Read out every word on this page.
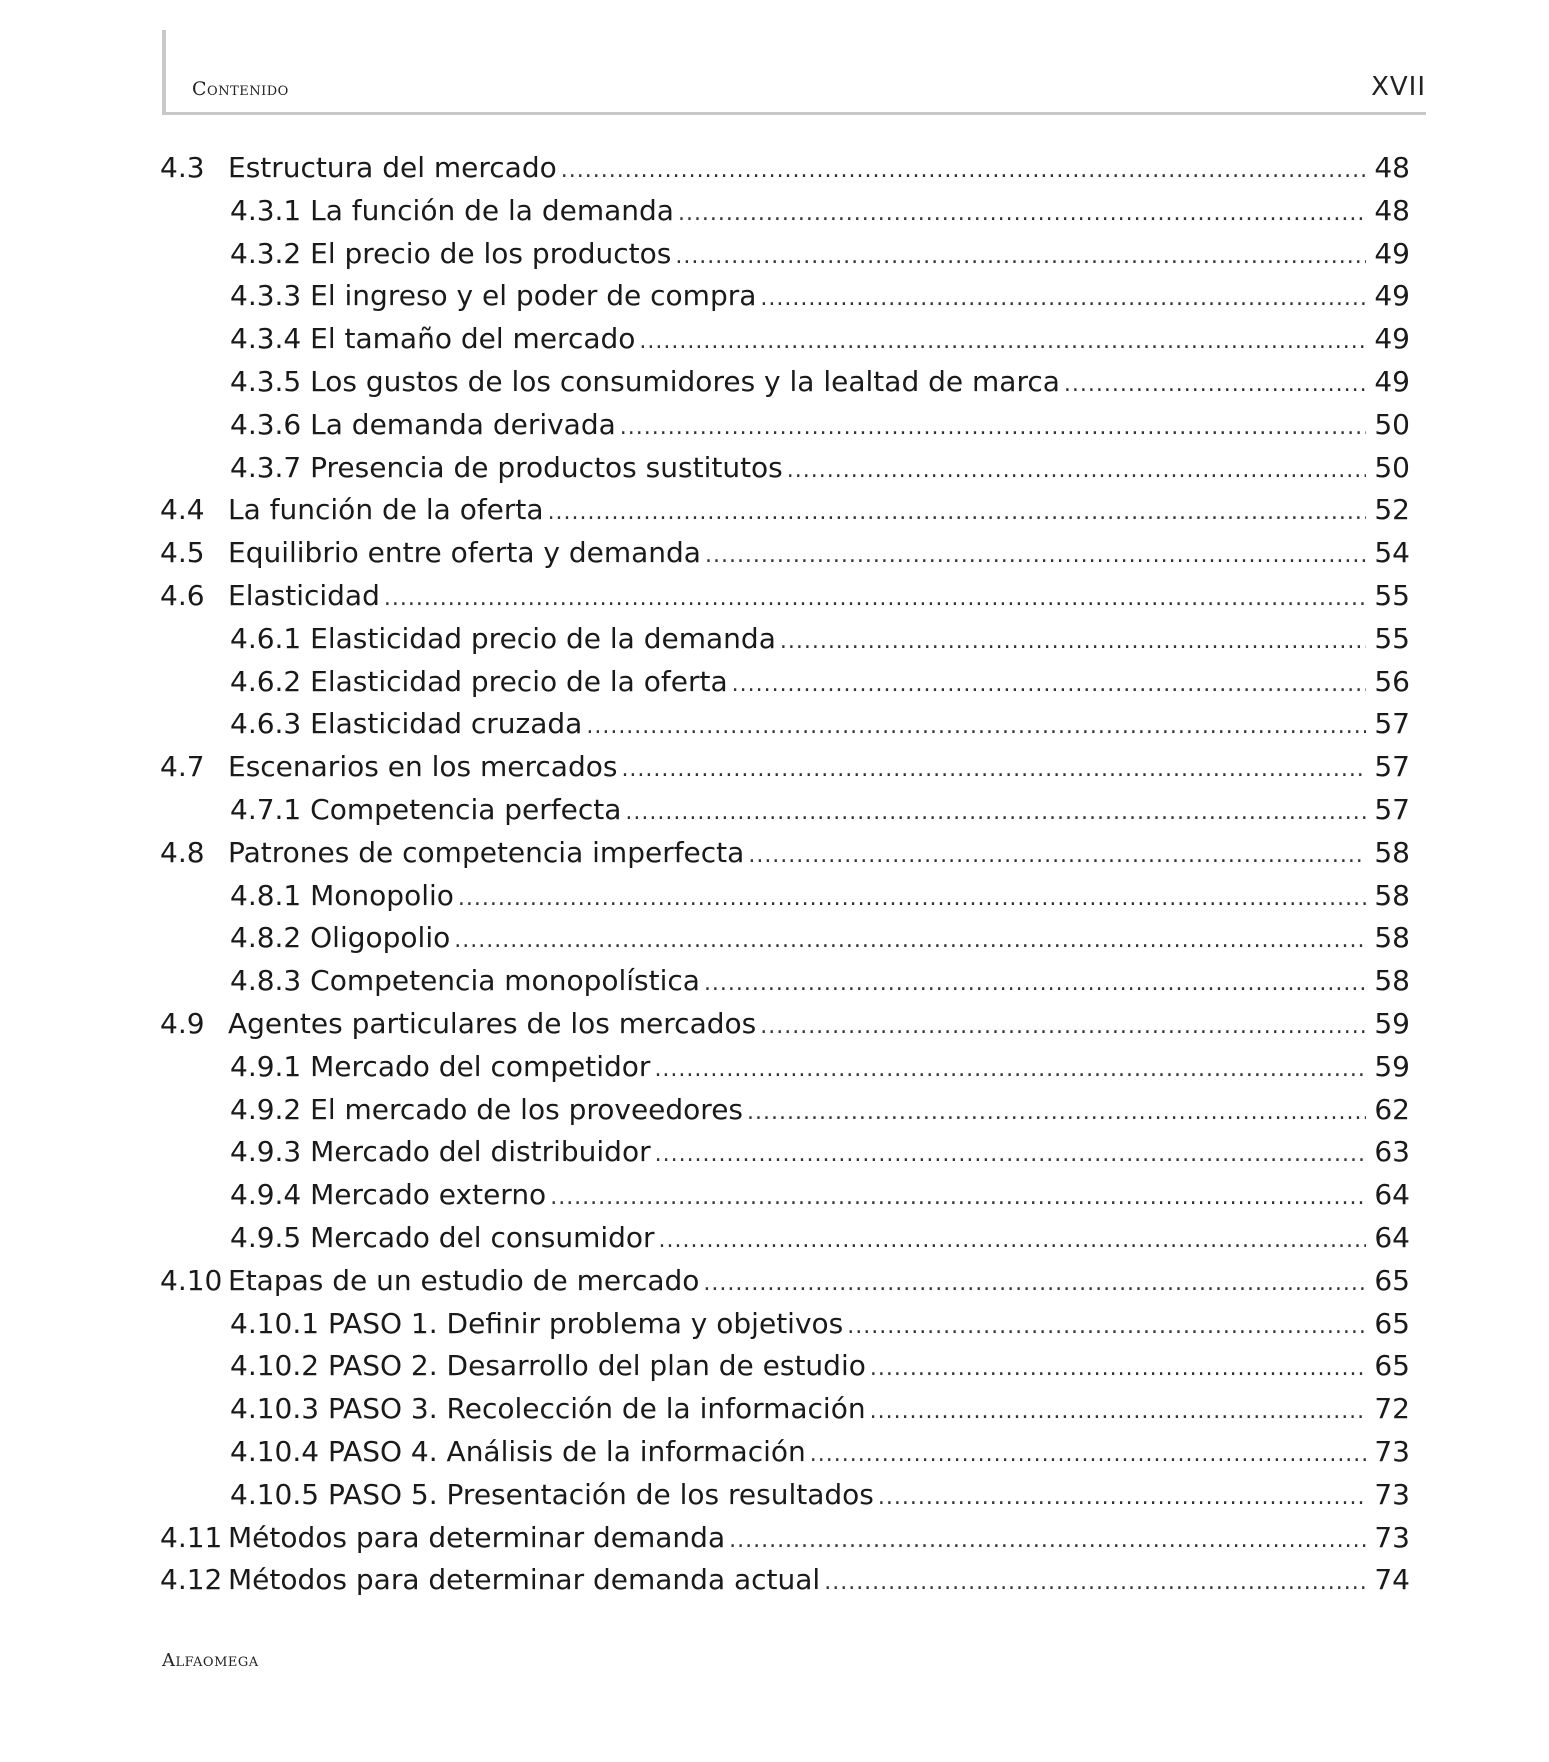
Contenido	XVII
4.3 Estructura del mercado .....	48
4.3.1 La función de la demanda .....	48
4.3.2 El precio de los productos .....	49
4.3.3 El ingreso y el poder de compra .....	49
4.3.4 El tamaño del mercado .....	49
4.3.5 Los gustos de los consumidores y la lealtad de marca .....	49
4.3.6 La demanda derivada .....	50
4.3.7 Presencia de productos sustitutos .....	50
4.4 La función de la oferta .....	52
4.5 Equilibrio entre oferta y demanda .....	54
4.6 Elasticidad .....	55
4.6.1 Elasticidad precio de la demanda .....	55
4.6.2 Elasticidad precio de la oferta .....	56
4.6.3 Elasticidad cruzada .....	57
4.7 Escenarios en los mercados .....	57
4.7.1 Competencia perfecta .....	57
4.8 Patrones de competencia imperfecta .....	58
4.8.1 Monopolio .....	58
4.8.2 Oligopolio .....	58
4.8.3 Competencia monopolística .....	58
4.9 Agentes particulares de los mercados .....	59
4.9.1 Mercado del competidor .....	59
4.9.2 El mercado de los proveedores .....	62
4.9.3 Mercado del distribuidor .....	63
4.9.4 Mercado externo .....	64
4.9.5 Mercado del consumidor .....	64
4.10 Etapas de un estudio de mercado .....	65
4.10.1 PASO 1. Definir problema y objetivos .....	65
4.10.2 PASO 2. Desarrollo del plan de estudio .....	65
4.10.3 PASO 3. Recolección de la información .....	72
4.10.4 PASO 4. Análisis de la información .....	73
4.10.5 PASO 5. Presentación de los resultados .....	73
4.11 Métodos para determinar demanda .....	73
4.12 Métodos para determinar demanda actual .....	74
Alfaomega
